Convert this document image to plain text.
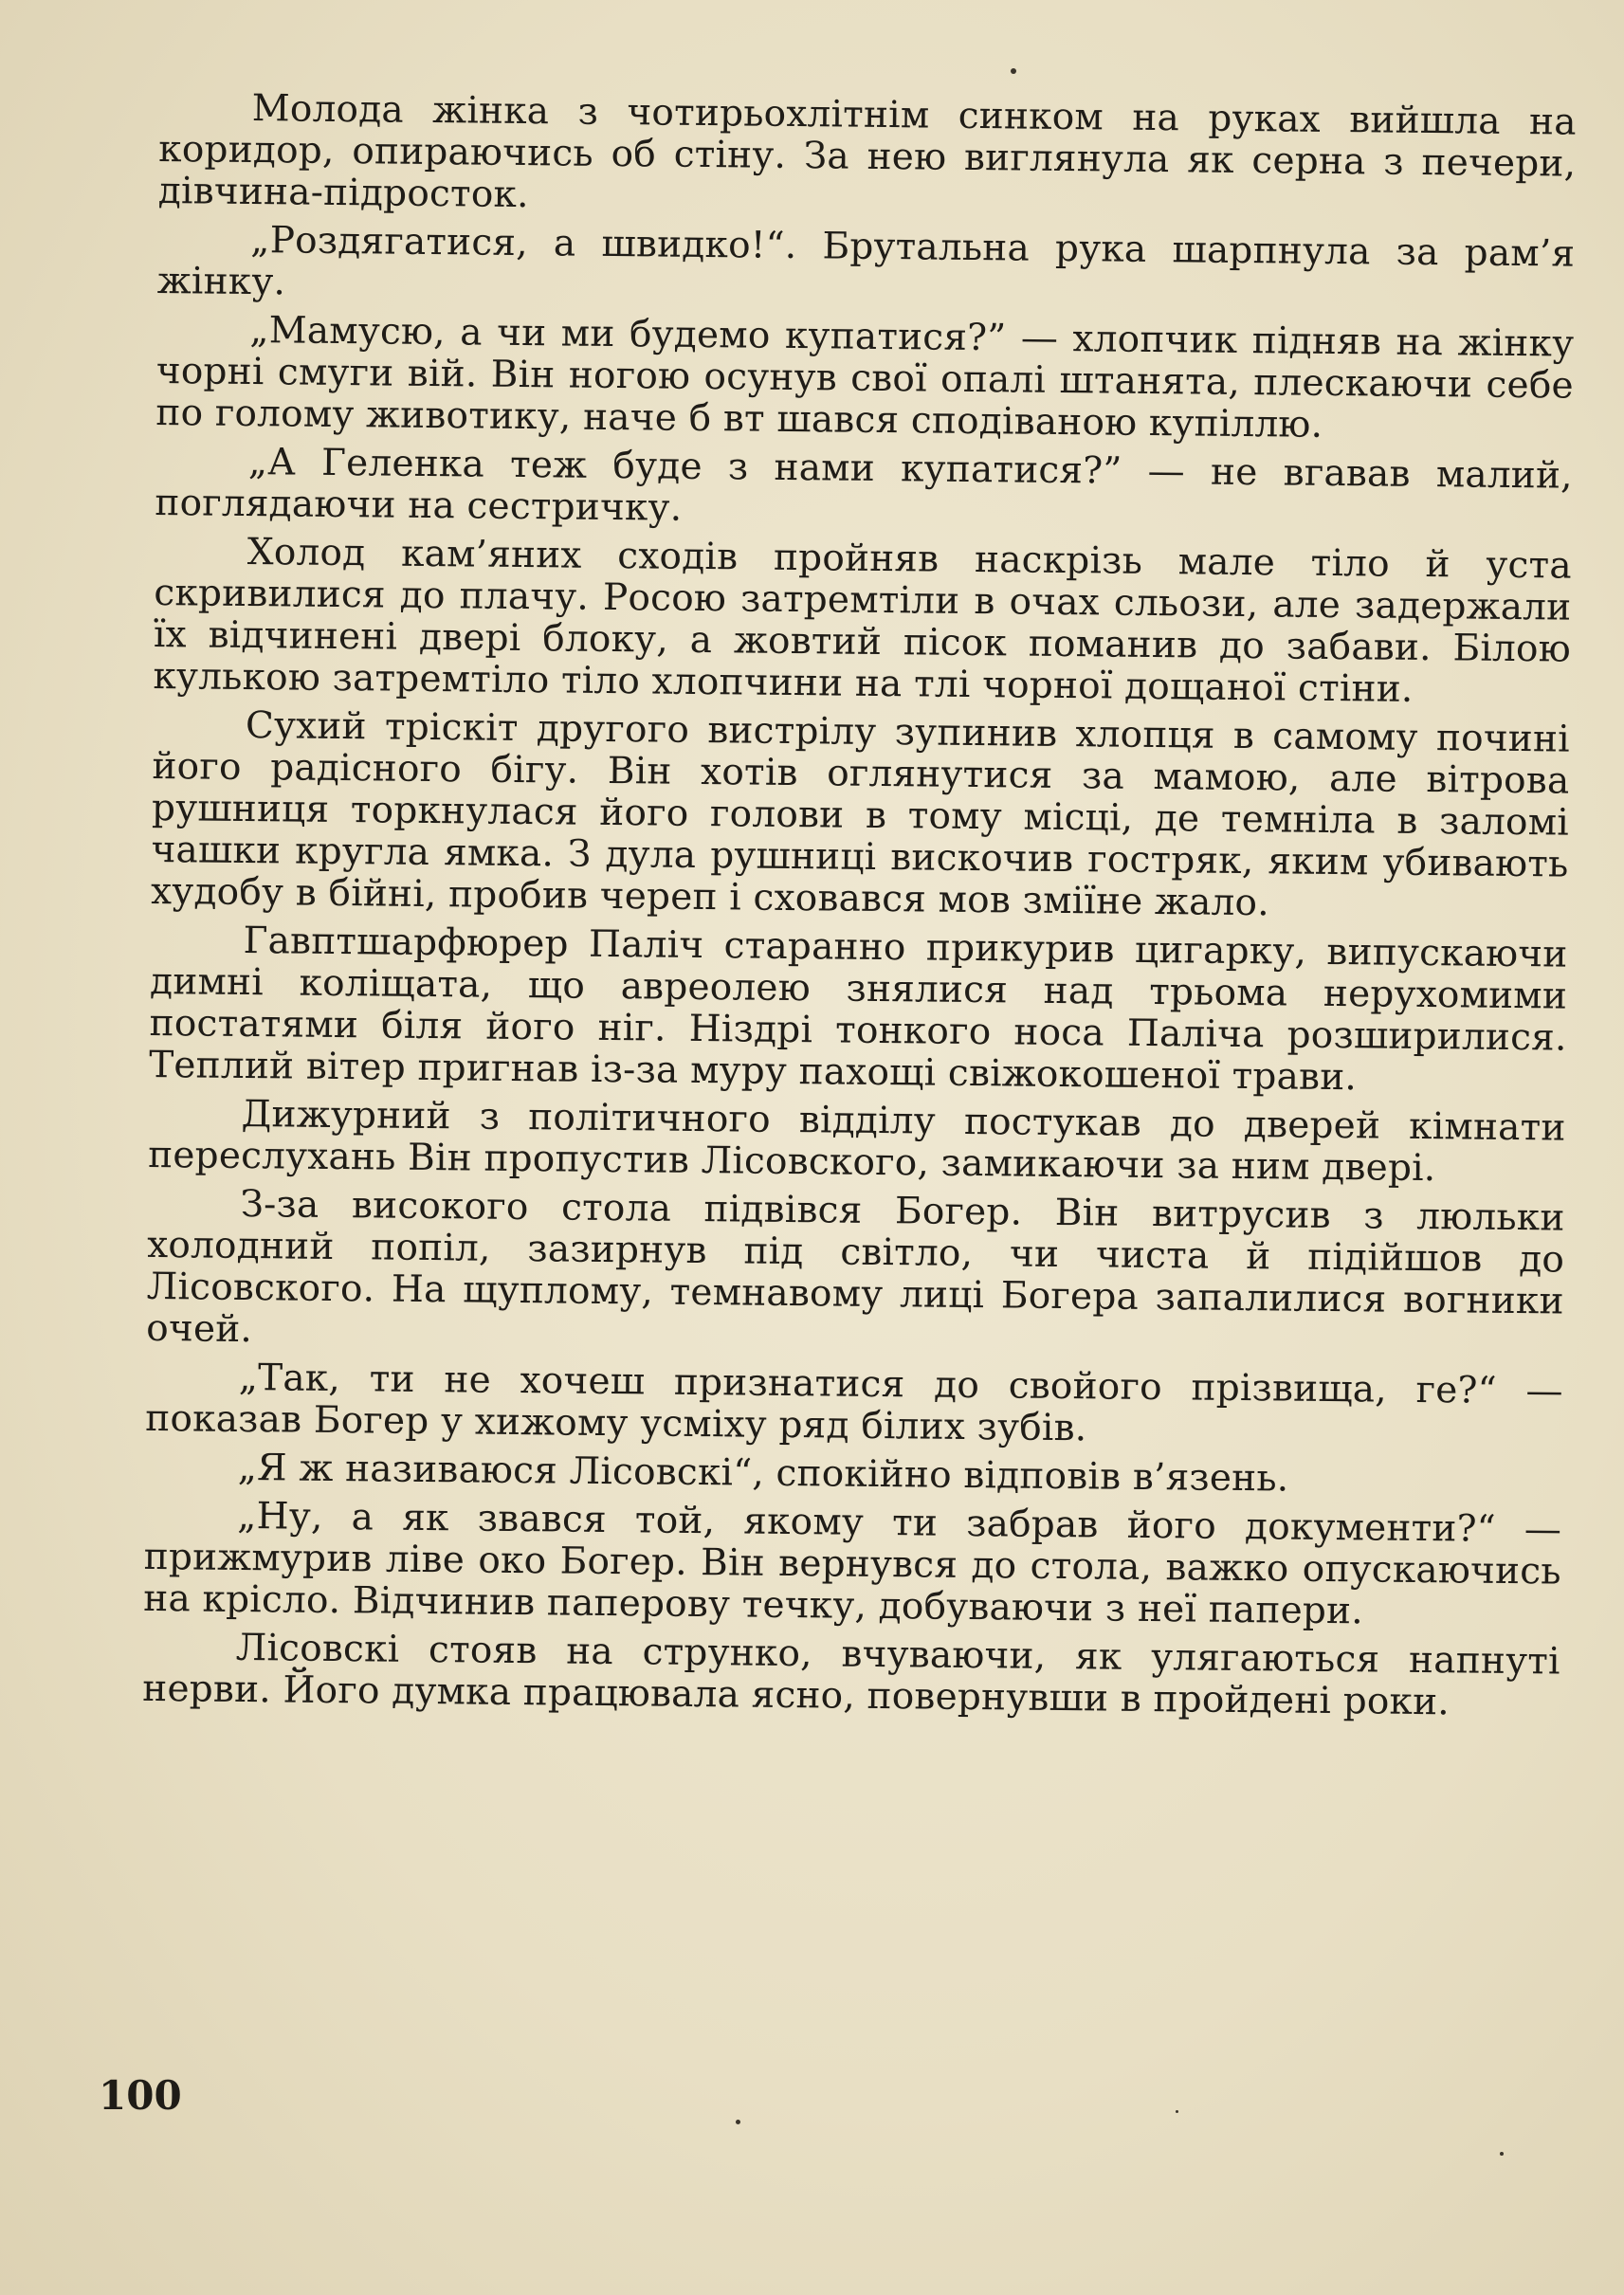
Молода жінка з чотирьохлітнім синком на руках вийшла на коридор, опираючись об стіну. За нею виглянула як серна з печери, дівчина-підросток.

„Роздягатися, а швидко!“. Брутальна рука шарпнула за рам’я жінку.

„Мамусю, а чи ми будемо купатися?” — хлопчик підняв на жінку чорні смуги вій. Він ногою осунув свої опалі штанята, плескаючи себе по голому животику, наче б вт шався сподіваною купіллю.

„А Геленка теж буде з нами купатися?” — не вгавав малий, поглядаючи на сестричку.

Холод кам’яних сходів пройняв наскрізь мале тіло й уста скривилися до плачу. Росою затремтіли в очах сльози, але задержали їх відчинені двері блоку, а жовтий пісок поманив до забави. Білою кулькою затремтіло тіло хлопчини на тлі чорної дощаної стіни.

Сухий тріскіт другого вистрілу зупинив хлопця в самому почині його радісного бігу. Він хотів оглянутися за мамою, але вітрова рушниця торкнулася його голови в тому місці, де темніла в заломі чашки кругла ямка. З дула рушниці вискочив гостряк, яким убивають худобу в бійні, пробив череп і сховався мов зміїне жало.

Гавптшарфюрер Паліч старанно прикурив цигарку, випускаючи димні коліщата, що авреолею знялися над трьома нерухомими постатями біля його ніг. Ніздрі тонкого носа Паліча розширилися. Теплий вітер пригнав із-за муру пахощі свіжокошеної трави.

Дижурний з політичного відділу постукав до дверей кімнати переслухань Він пропустив Лісовского, замикаючи за ним двері.

З-за високого стола підвівся Богер. Він витрусив з люльки холодний попіл, зазирнув під світло, чи чиста й підійшов до Лісовского. На щуплому, темнавому лиці Богера запалилися вогники очей.

„Так, ти не хочеш признатися до свойого прізвища, ге?“ — показав Богер у хижому усміху ряд білих зубів.

„Я ж називаюся Лісовскі“, спокійно відповів в’язень.

„Ну, а як звався той, якому ти забрав його документи?“ — прижмурив ліве око Богер. Він вернувся до стола, важко опускаючись на крісло. Відчинив паперову течку, добуваючи з неї папери.

Лісовскі стояв на струнко, вчуваючи, як улягаються напнуті нерви. Його думка працювала ясно, повернувши в пройдені роки.

100
